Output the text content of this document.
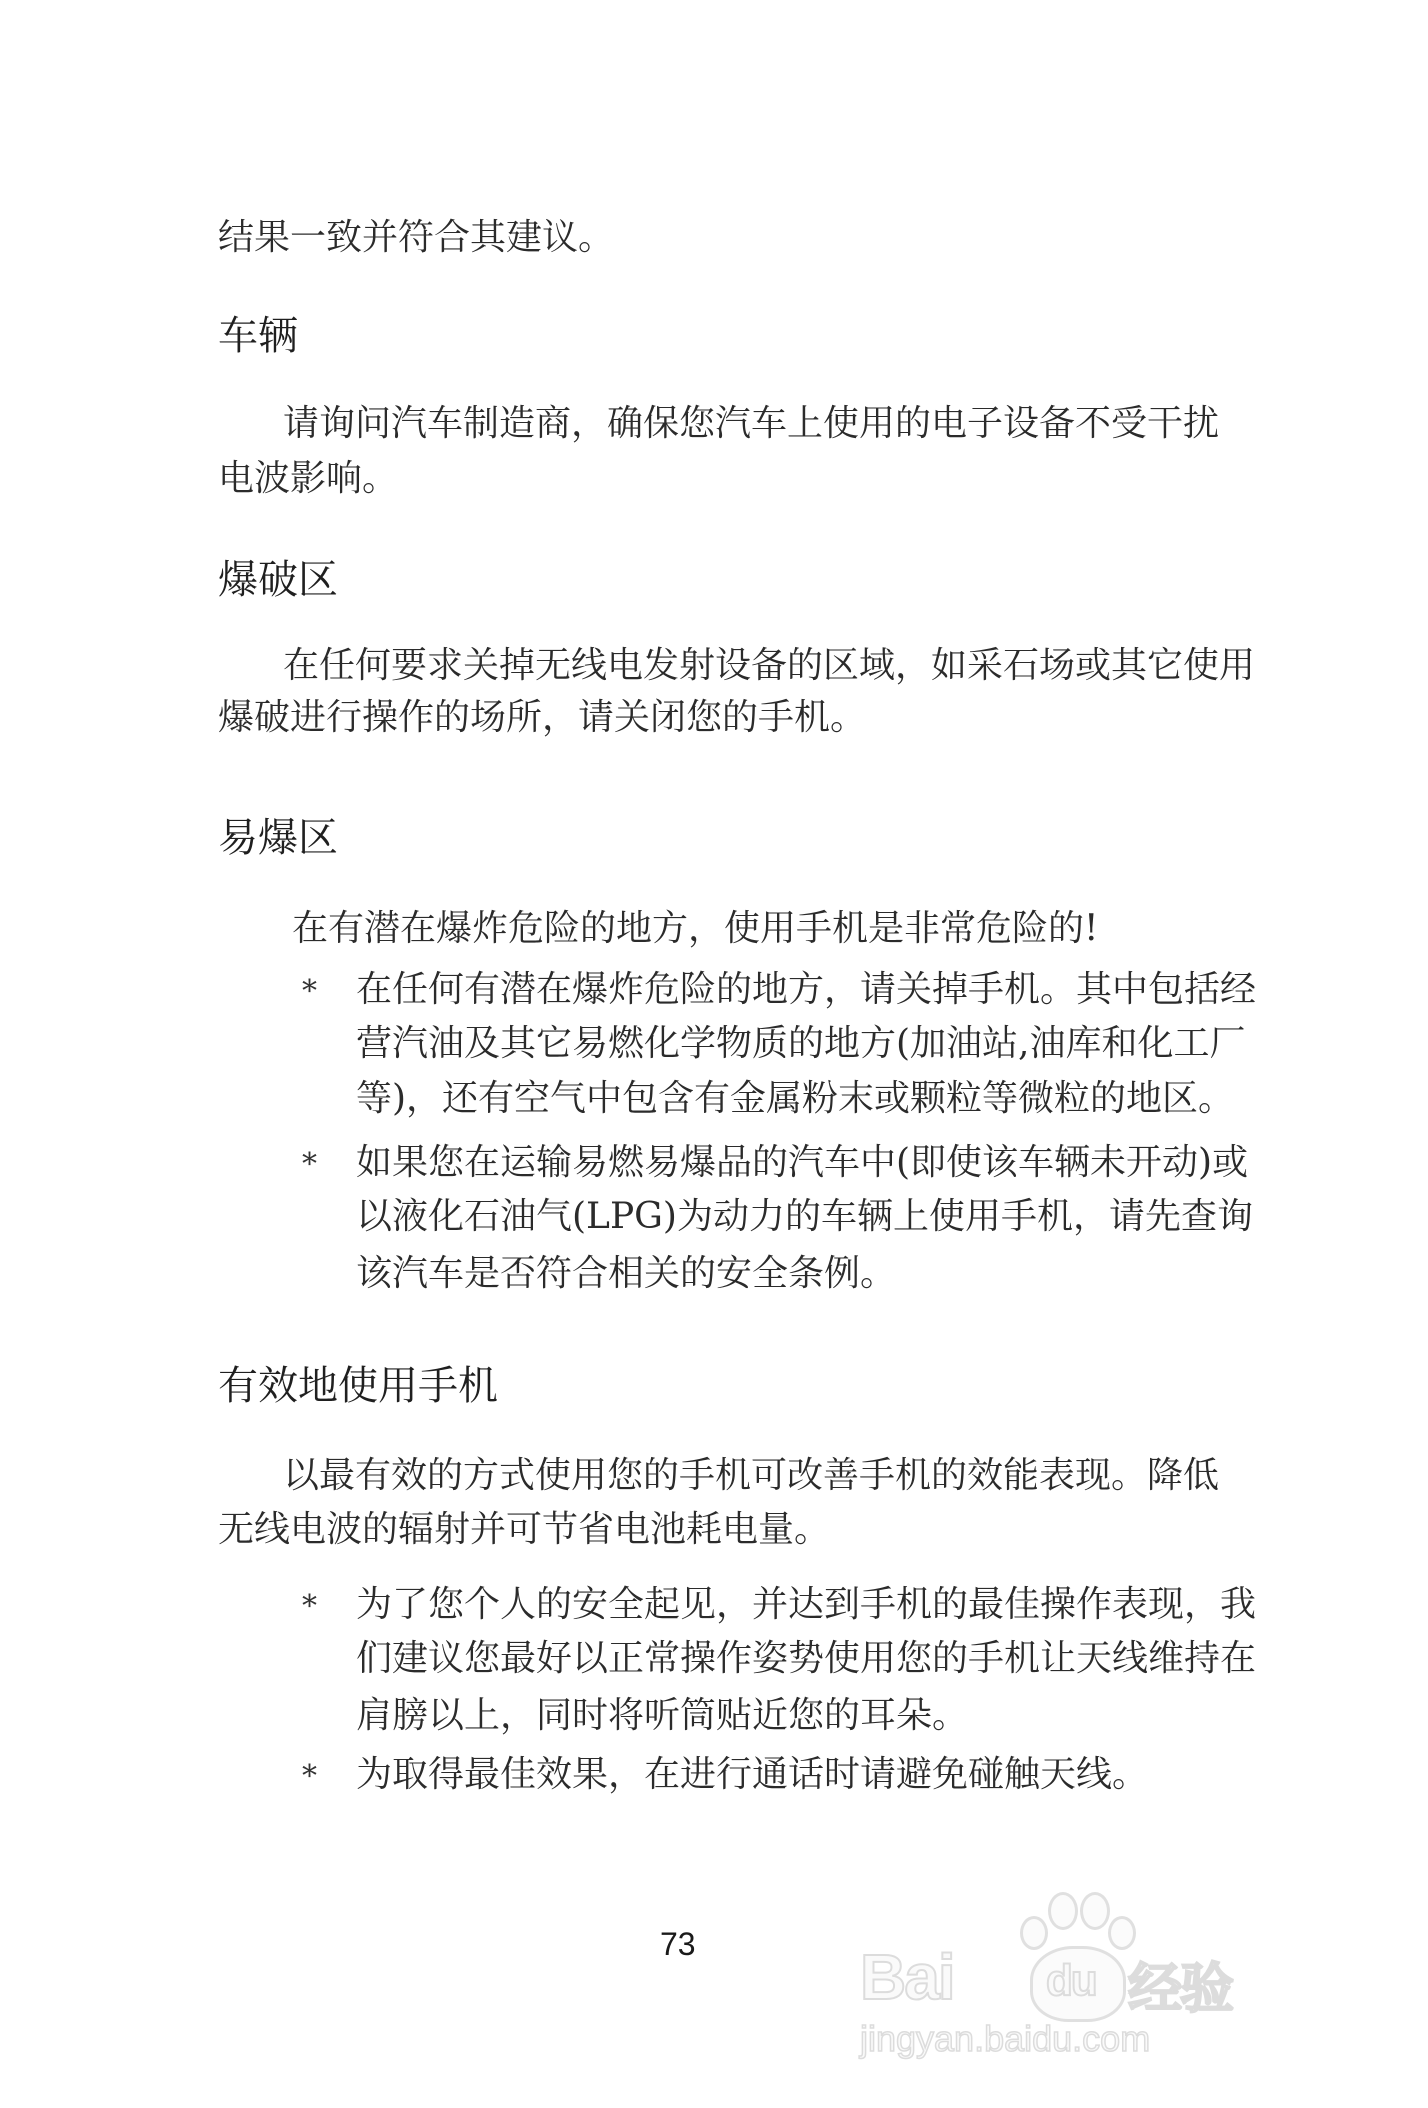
结果一致并符合其建议。
车辆
请询问汽车制造商，确保您汽车上使用的电子设备不受干扰
电波影响。
爆破区
在任何要求关掉无线电发射设备的区域，如采石场或其它使用
爆破进行操作的场所，请关闭您的手机。
易爆区
在有潜在爆炸危险的地方，使用手机是非常危险的!
* 在任何有潜在爆炸危险的地方，请关掉手机。其中包括经
营汽油及其它易燃化学物质的地方(加油站,油库和化工厂
等)，还有空气中包含有金属粉末或颗粒等微粒的地区。
* 如果您在运输易燃易爆品的汽车中(即使该车辆未开动)或
以液化石油气(LPG)为动力的车辆上使用手机，请先查询
该汽车是否符合相关的安全条例。
有效地使用手机
以最有效的方式使用您的手机可改善手机的效能表现。降低
无线电波的辐射并可节省电池耗电量。
* 为了您个人的安全起见，并达到手机的最佳操作表现，我
们建议您最好以正常操作姿势使用您的手机让天线维持在
肩膀以上，同时将听筒贴近您的耳朵。
* 为取得最佳效果，在进行通话时请避免碰触天线。
73	Bai du 经验
jingyan.baidu.com
